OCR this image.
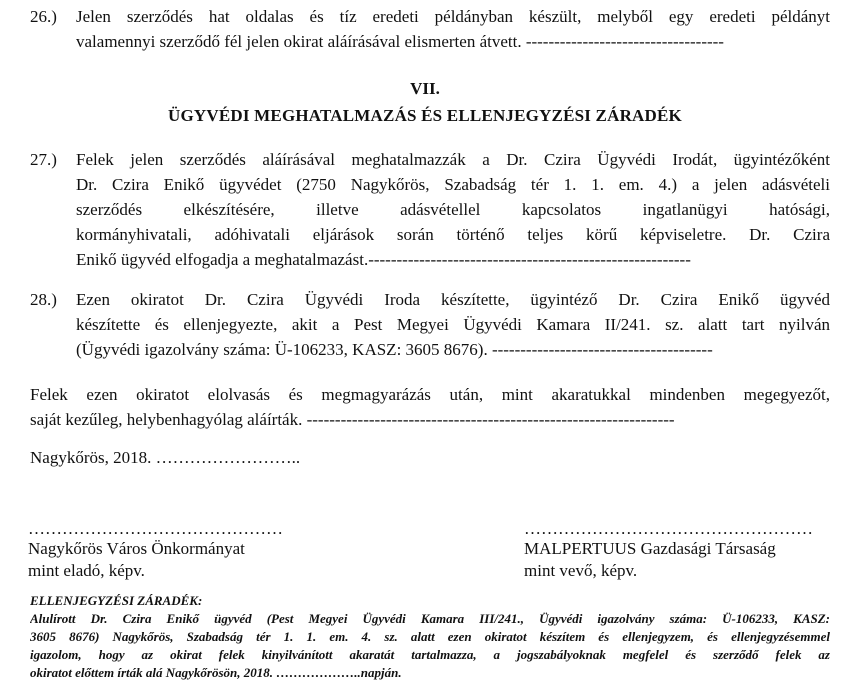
26.) Jelen szerződés hat oldalas és tíz eredeti példányban készült, melyből egy eredeti példányt
valamennyi szerződő fél jelen okirat aláírásával elismerten átvett. -----------------------------------
VII.
ÜGYVÉDI MEGHATALMAZÁS ÉS ELLENJEGYZÉSI ZÁRADÉK
27.) Felek jelen szerződés aláírásával meghatalmazzák a Dr. Czira Ügyvédi Irodát, ügyintézőként
Dr. Czira Enikő ügyvédet (2750 Nagykőrös, Szabadság tér 1. 1. em. 4.) a jelen adásvételi
szerződés elkészítésére, illetve adásvétellel kapcsolatos ingatlanügyi hatósági,
kormányhivatali, adóhivatali eljárások során történő teljes körű képviseletre. Dr. Czira
Enikő ügyvéd elfogadja a meghatalmazást.---------------------------------------------------------
28.) Ezen okiratot Dr. Czira Ügyvédi Iroda készítette, ügyintéző Dr. Czira Enikő ügyvéd
készítette és ellenjegyezte, akit a Pest Megyei Ügyvédi Kamara II/241. sz. alatt tart nyilván
(Ügyvédi igazolvány száma: Ü-106233, KASZ: 3605 8676). ---------------------------------------
Felek ezen okiratot elolvasás és megmagyarázás után, mint akaratukkal mindenben megegyezőt,
saját kezűleg, helybenhagyólag aláírták. -----------------------------------------------------------------
Nagykőrös, 2018. ……………………..
………………………………………
Nagykőrös Város Önkormányat
mint eladó, képv.
……………………………………………
MALPERTUUS Gazdasági Társaság
mint vevő, képv.
ELLENJEGYZÉSI ZÁRADÉK:
Alulírott Dr. Czira Enikő ügyvéd (Pest Megyei Ügyvédi Kamara III/241., Ügyvédi igazolvány száma: Ü-106233, KASZ:
3605 8676) Nagykőrös, Szabadság tér 1. 1. em. 4. sz. alatt ezen okiratot készítem és ellenjegyzem, és ellenjegyzésemmel
igazolom, hogy az okirat felek kinyilvánított akaratát tartalmazza, a jogszabályoknak megfelel és szerződő felek az
okiratot előttem írták alá Nagykőrösön, 2018. ………………..napján.
